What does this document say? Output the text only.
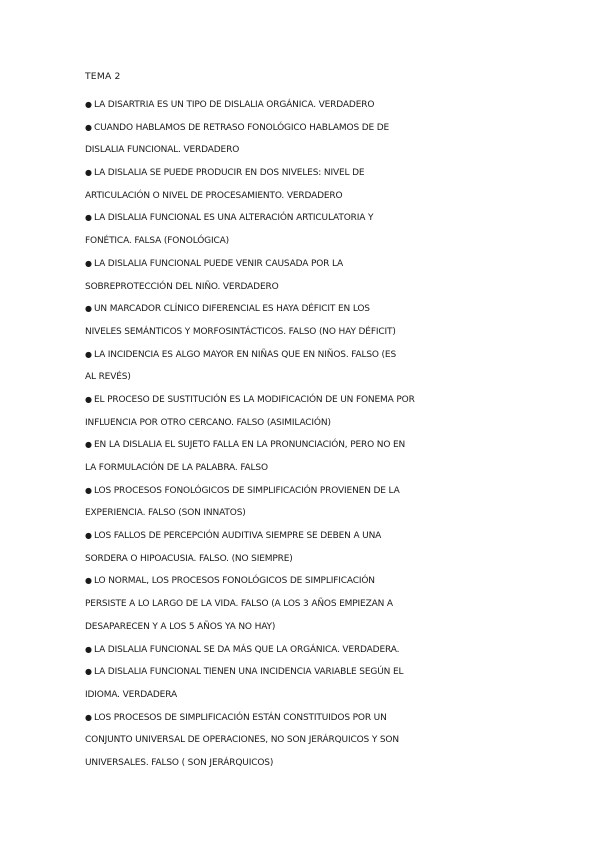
TEMA 2
● LA DISARTRIA ES UN TIPO DE DISLALIA ORGÁNICA. VERDADERO
● CUANDO HABLAMOS DE RETRASO FONOLÓGICO HABLAMOS DE DE
DISLALIA FUNCIONAL. VERDADERO
● LA DISLALIA SE PUEDE PRODUCIR EN DOS NIVELES: NIVEL DE
ARTICULACIÓN O NIVEL DE PROCESAMIENTO. VERDADERO
● LA DISLALIA FUNCIONAL ES UNA ALTERACIÓN ARTICULATORIA Y
FONÉTICA. FALSA (FONOLÓGICA)
● LA DISLALIA FUNCIONAL PUEDE VENIR CAUSADA POR LA
SOBREPROTECCIÓN DEL NIÑO. VERDADERO
● UN MARCADOR CLÍNICO DIFERENCIAL ES HAYA DÉFICIT EN LOS
NIVELES SEMÁNTICOS Y MORFOSINTÁCTICOS. FALSO (NO HAY DÉFICIT)
● LA INCIDENCIA ES ALGO MAYOR EN NIÑAS QUE EN NIÑOS. FALSO (ES
AL REVÉS)
● EL PROCESO DE SUSTITUCIÓN ES LA MODIFICACIÓN DE UN FONEMA POR
INFLUENCIA POR OTRO CERCANO. FALSO (ASIMILACIÓN)
● EN LA DISLALIA EL SUJETO FALLA EN LA PRONUNCIACIÓN, PERO NO EN
LA FORMULACIÓN DE LA PALABRA. FALSO
● LOS PROCESOS FONOLÓGICOS DE SIMPLIFICACIÓN PROVIENEN DE LA
EXPERIENCIA. FALSO (SON INNATOS)
● LOS FALLOS DE PERCEPCIÓN AUDITIVA SIEMPRE SE DEBEN A UNA
SORDERA O HIPOACUSIA. FALSO. (NO SIEMPRE)
● LO NORMAL, LOS PROCESOS FONOLÓGICOS DE SIMPLIFICACIÓN
PERSISTE A LO LARGO DE LA VIDA. FALSO (A LOS 3 AÑOS EMPIEZAN A
DESAPARECEN Y A LOS 5 AÑOS YA NO HAY)
● LA DISLALIA FUNCIONAL SE DA MÁS QUE LA ORGÁNICA. VERDADERA.
● LA DISLALIA FUNCIONAL TIENEN UNA INCIDENCIA VARIABLE SEGÚN EL
IDIOMA. VERDADERA
● LOS PROCESOS DE SIMPLIFICACIÓN ESTÁN CONSTITUIDOS POR UN
CONJUNTO UNIVERSAL DE OPERACIONES, NO SON JERÁRQUICOS Y SON
UNIVERSALES. FALSO ( SON JERÁRQUICOS)
